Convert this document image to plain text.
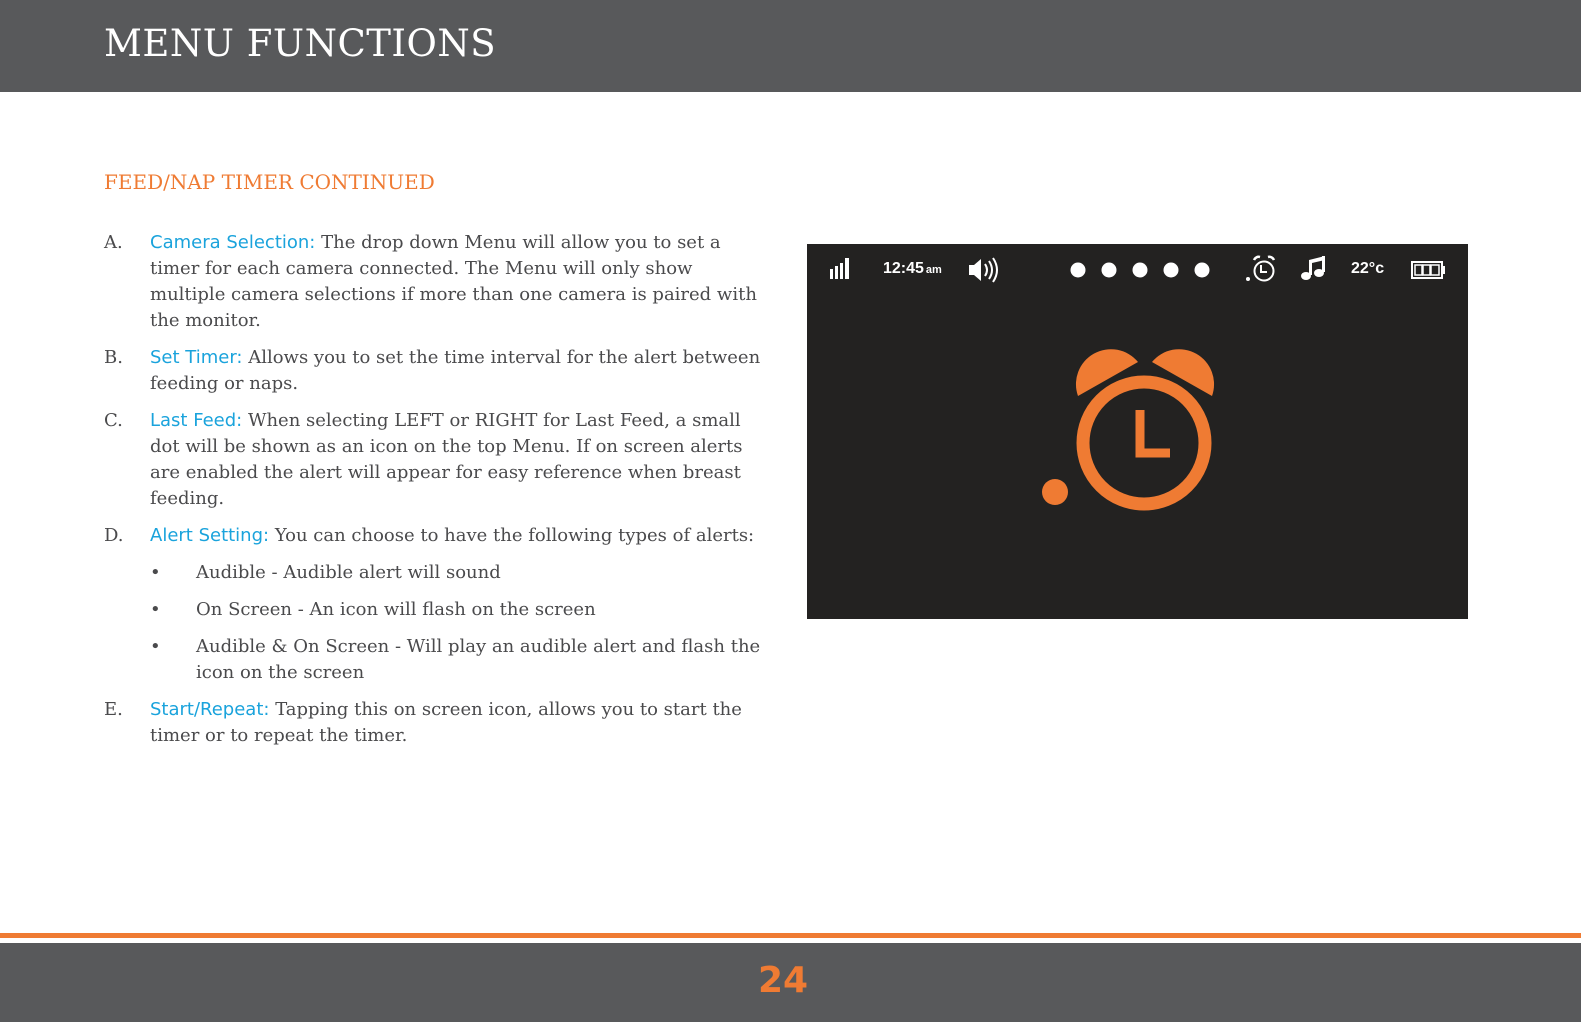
MENU FUNCTIONS
FEED/NAP TIMER CONTINUED
A. Camera Selection: The drop down Menu will allow you to set a timer for each camera connected. The Menu will only show multiple camera selections if more than one camera is paired with the monitor.
B. Set Timer: Allows you to set the time interval for the alert between feeding or naps.
C. Last Feed: When selecting LEFT or RIGHT for Last Feed, a small dot will be shown as an icon on the top Menu. If on screen alerts are enabled the alert will appear for easy reference when breast feeding.
D. Alert Setting: You can choose to have the following types of alerts:
• Audible - Audible alert will sound
• On Screen - An icon will flash on the screen
• Audible & On Screen - Will play an audible alert and flash the icon on the screen
E. Start/Repeat: Tapping this on screen icon, allows you to start the timer or to repeat the timer.
12:45 am	22°c
24
